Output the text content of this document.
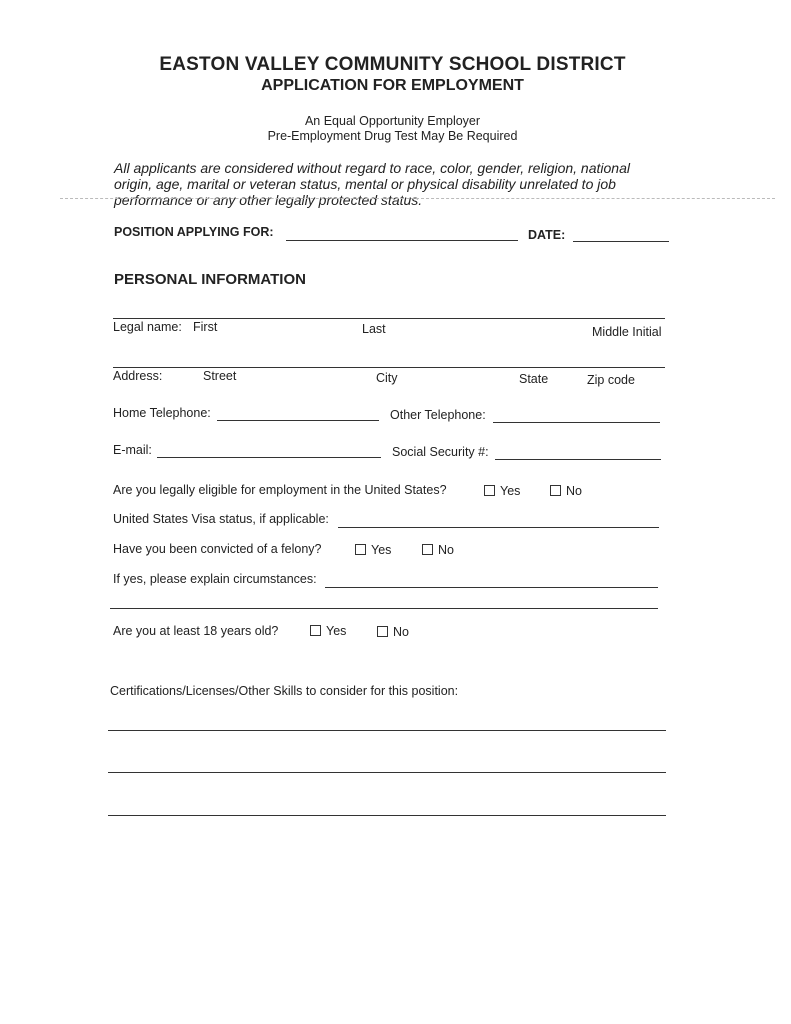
EASTON VALLEY COMMUNITY SCHOOL DISTRICT
APPLICATION FOR EMPLOYMENT
An Equal Opportunity Employer
Pre-Employment Drug Test May Be Required
All applicants are considered without regard to race, color, gender, religion, national
origin, age, marital or veteran status, mental or physical disability unrelated to job
performance or any other legally protected status.
POSITION APPLYING FOR:	DATE:
PERSONAL INFORMATION
Legal name: First	Last	Middle Initial
Address:	Street	City	State	Zip code
Home Telephone:	Other Telephone:
E-mail:	Social Security #:
Are you legally eligible for employment in the United States?	Yes	No
United States Visa status, if applicable:
Have you been convicted of a felony?	Yes	No
If yes, please explain circumstances:
Are you at least 18 years old?	Yes	No
Certifications/Licenses/Other Skills to consider for this position:
